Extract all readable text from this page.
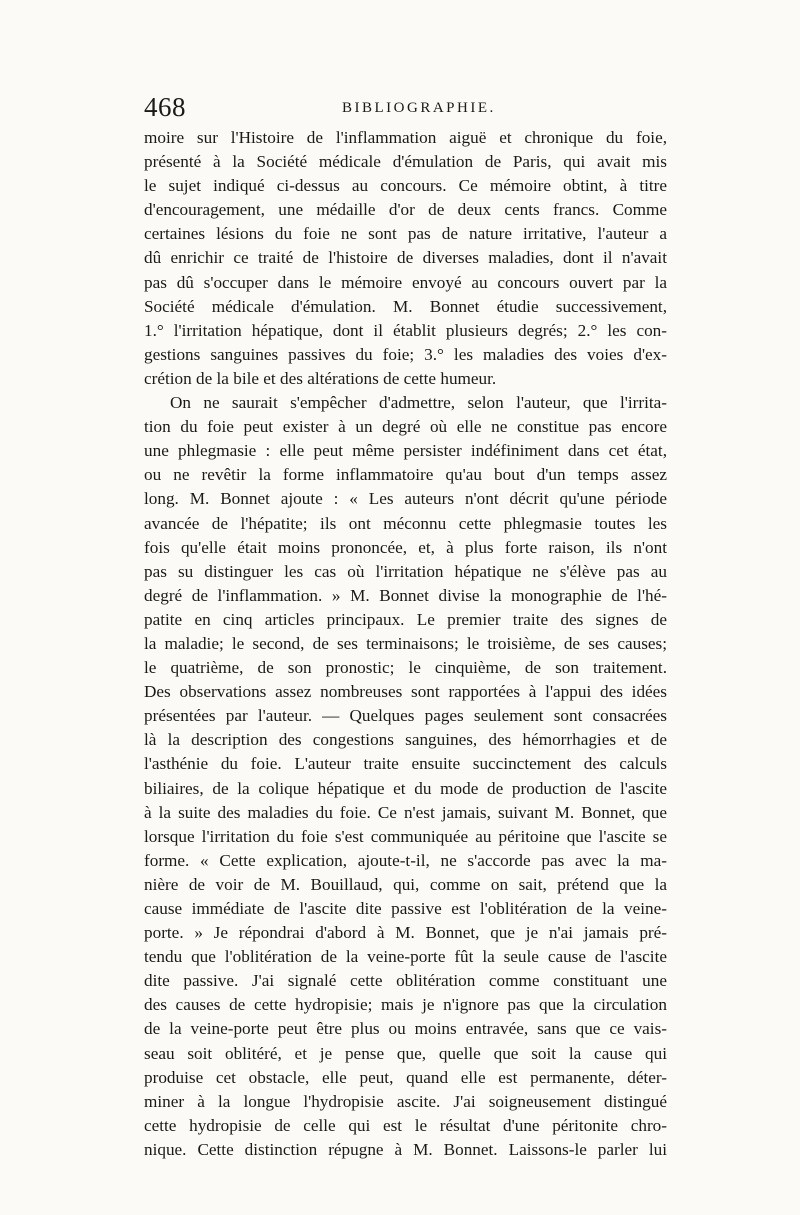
468	BIBLIOGRAPHIE.
moire sur l'Histoire de l'inflammation aiguë et chronique du foie,
présenté à la Société médicale d'émulation de Paris, qui avait mis
le sujet indiqué ci-dessus au concours. Ce mémoire obtint, à titre
d'encouragement, une médaille d'or de deux cents francs. Comme
certaines lésions du foie ne sont pas de nature irritative, l'auteur a
dû enrichir ce traité de l'histoire de diverses maladies, dont il n'avait
pas dû s'occuper dans le mémoire envoyé au concours ouvert par la
Société médicale d'émulation. M. Bonnet étudie successivement,
1.° l'irritation hépatique, dont il établit plusieurs degrés; 2.° les con-
gestions sanguines passives du foie; 3.° les maladies des voies d'ex-
crétion de la bile et des altérations de cette humeur.
On ne saurait s'empêcher d'admettre, selon l'auteur, que l'irrita-
tion du foie peut exister à un degré où elle ne constitue pas encore
une phlegmasie : elle peut même persister indéfiniment dans cet état,
ou ne revêtir la forme inflammatoire qu'au bout d'un temps assez
long. M. Bonnet ajoute : « Les auteurs n'ont décrit qu'une période
avancée de l'hépatite; ils ont méconnu cette phlegmasie toutes les
fois qu'elle était moins prononcée, et, à plus forte raison, ils n'ont
pas su distinguer les cas où l'irritation hépatique ne s'élève pas au
degré de l'inflammation. » M. Bonnet divise la monographie de l'hé-
patite en cinq articles principaux. Le premier traite des signes de
la maladie; le second, de ses terminaisons; le troisième, de ses causes;
le quatrième, de son pronostic; le cinquième, de son traitement.
Des observations assez nombreuses sont rapportées à l'appui des idées
présentées par l'auteur. — Quelques pages seulement sont consacrées
là la description des congestions sanguines, des hémorrhagies et de
l'asthénie du foie. L'auteur traite ensuite succinctement des calculs
biliaires, de la colique hépatique et du mode de production de l'ascite
à la suite des maladies du foie. Ce n'est jamais, suivant M. Bonnet, que
lorsque l'irritation du foie s'est communiquée au péritoine que l'ascite se
forme. « Cette explication, ajoute-t-il, ne s'accorde pas avec la ma-
nière de voir de M. Bouillaud, qui, comme on sait, prétend que la
cause immédiate de l'ascite dite passive est l'oblitération de la veine-
porte. » Je répondrai d'abord à M. Bonnet, que je n'ai jamais pré-
tendu que l'oblitération de la veine-porte fût la seule cause de l'ascite
dite passive. J'ai signalé cette oblitération comme constituant une
des causes de cette hydropisie; mais je n'ignore pas que la circulation
de la veine-porte peut être plus ou moins entravée, sans que ce vais-
seau soit oblitéré, et je pense que, quelle que soit la cause qui
produise cet obstacle, elle peut, quand elle est permanente, déter-
miner à la longue l'hydropisie ascite. J'ai soigneusement distingué
cette hydropisie de celle qui est le résultat d'une péritonite chro-
nique. Cette distinction répugne à M. Bonnet. Laissons-le parler lui
